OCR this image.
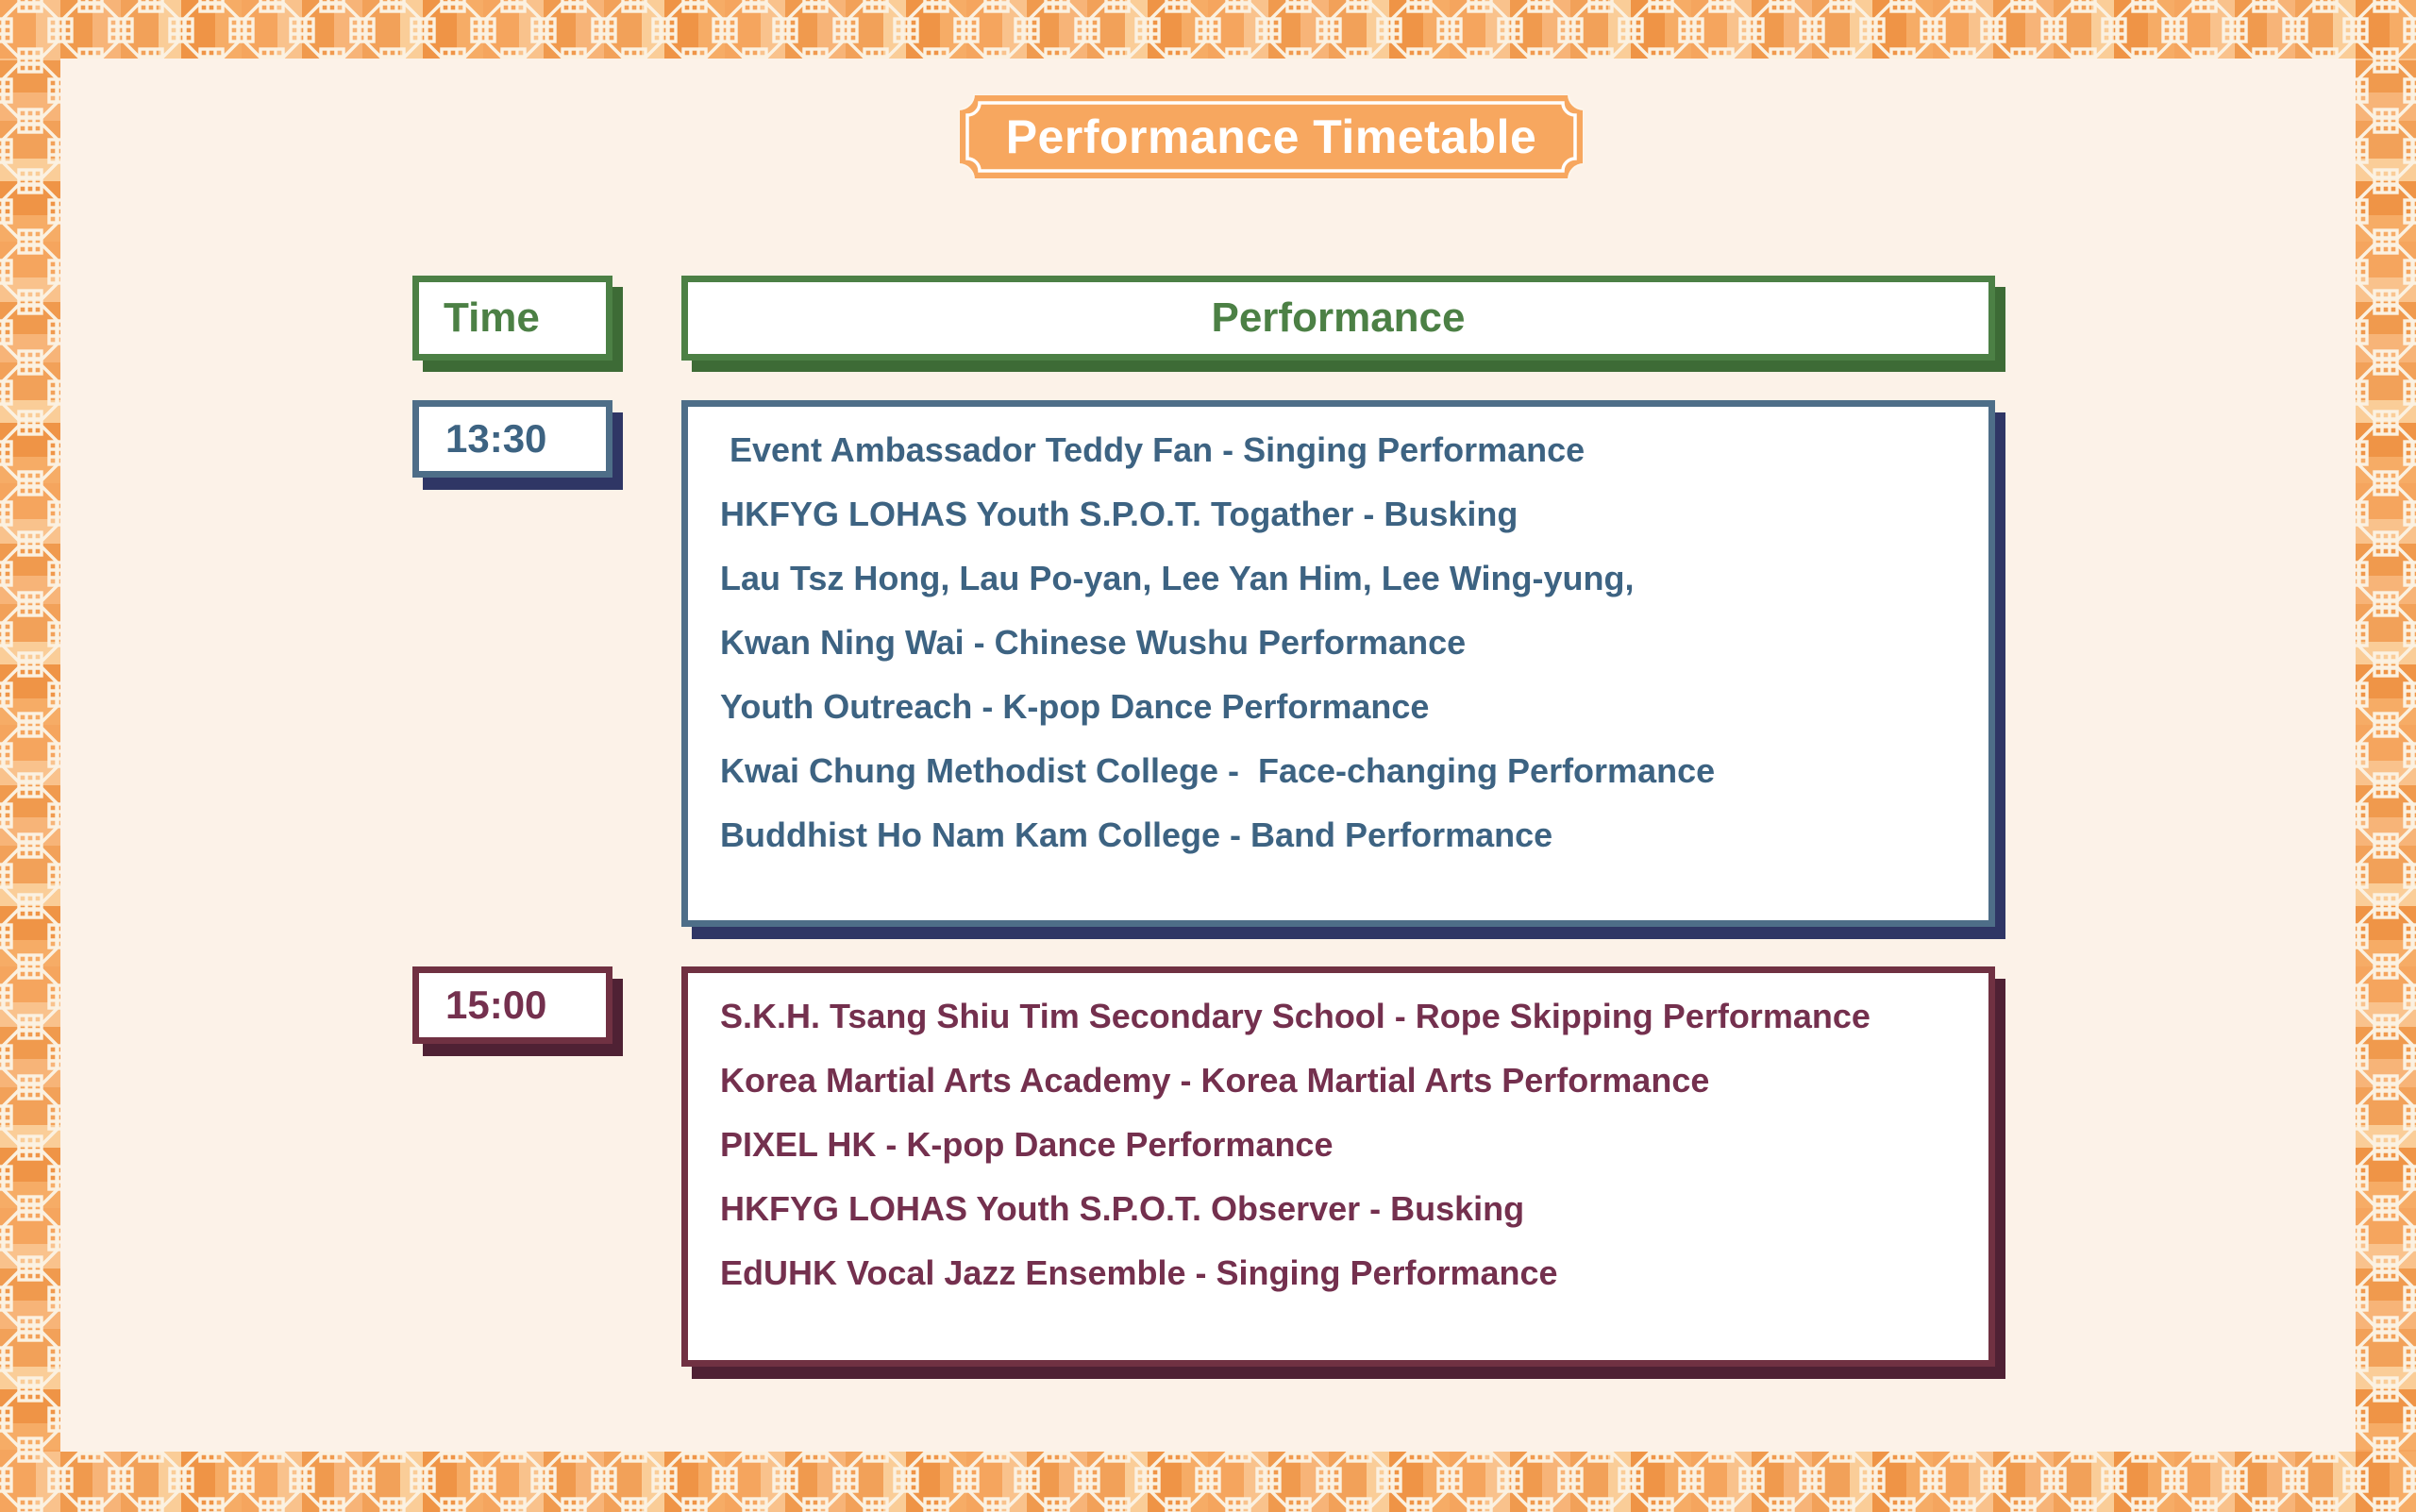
Performance Timetable
Time	Performance
13:30	Event Ambassador Teddy Fan - Singing Performance
HKFYG LOHAS Youth S.P.O.T. Togather - Busking
Lau Tsz Hong, Lau Po-yan, Lee Yan Him, Lee Wing-yung,
Kwan Ning Wai - Chinese Wushu Performance
Youth Outreach - K-pop Dance Performance
Kwai Chung Methodist College -  Face-changing Performance
Buddhist Ho Nam Kam College - Band Performance
15:00	S.K.H. Tsang Shiu Tim Secondary School - Rope Skipping Performance
Korea Martial Arts Academy - Korea Martial Arts Performance
PIXEL HK - K-pop Dance Performance
HKFYG LOHAS Youth S.P.O.T. Observer - Busking
EdUHK Vocal Jazz Ensemble - Singing Performance
